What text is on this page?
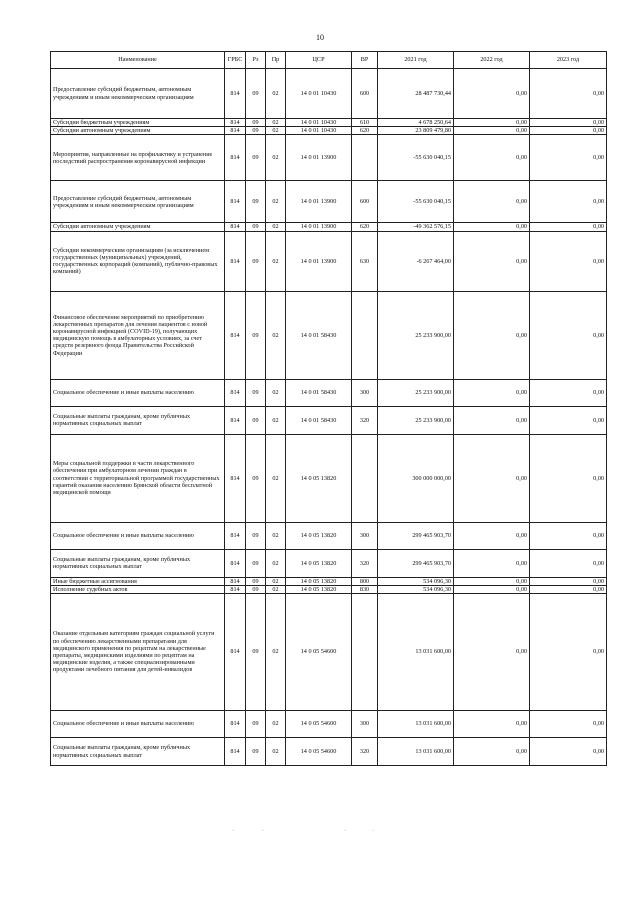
10
Наименование	ГРБС	Рз	Пр	ЦСР	ВР	2021 год	2022 год	2023 год
Предоставление субсидий бюджетным, автономным учреждениям и иным некоммерческим организациям	814	09	02	14 0 01 10430	600	28 487 730,44	0,00	0,00
Субсидии бюджетным учреждениям	814	09	02	14 0 01 10430	610	4 678 250,64	0,00	0,00
Субсидии автономным учреждениям	814	09	02	14 0 01 10430	620	23 809 479,80	0,00	0,00
Мероприятия, направленные на профилактику и устранение последствий распространения коронавирусной инфекции	814	09	02	14 0 01 13900		-55 630 040,15	0,00	0,00
Предоставление субсидий бюджетным, автономным учреждениям и иным некоммерческим организациям	814	09	02	14 0 01 13900	600	-55 630 040,15	0,00	0,00
Субсидии автономным учреждениям	814	09	02	14 0 01 13900	620	-49 362 576,15	0,00	0,00
Субсидии некоммерческим организациям (за исключением государственных (муниципальных) учреждений, государственных корпораций (компаний), публично-правовых компаний)	814	09	02	14 0 01 13900	630	-6 267 464,00	0,00	0,00
Финансовое обеспечение мероприятий по приобретению лекарственных препаратов для лечения пациентов с новой коронавирусной инфекцией (COVID-19), получающих медицинскую помощь в амбулаторных условиях, за счет средств резервного фонда Правительства Российской Федерации	814	09	02	14 0 01 58430		25 233 900,00	0,00	0,00
Социальное обеспечение и иные выплаты населению	814	09	02	14 0 01 58430	300	25 233 900,00	0,00	0,00
Социальные выплаты гражданам, кроме публичных нормативных социальных выплат	814	09	02	14 0 01 58430	320	25 233 900,00	0,00	0,00
Меры социальной поддержки в части лекарственного обеспечения при амбулаторном лечении граждан в соответствии с территориальной программой государственных гарантий оказания населению Брянской области бесплатной медицинской помощи	814	09	02	14 0 05 13820		300 000 000,00	0,00	0,00
Социальное обеспечение и иные выплаты населению	814	09	02	14 0 05 13820	300	299 465 903,70	0,00	0,00
Социальные выплаты гражданам, кроме публичных нормативных социальных выплат	814	09	02	14 0 05 13820	320	299 465 903,70	0,00	0,00
Иные бюджетные ассигнования	814	09	02	14 0 05 13820	800	534 096,30	0,00	0,00
Исполнение судебных актов	814	09	02	14 0 05 13820	830	534 096,30	0,00	0,00
Оказание отдельным категориям граждан социальной услуги по обеспечению лекарственными препаратами для медицинского применения по рецептам на лекарственные препараты, медицинскими изделиями по рецептам на медицинские изделия, а также специализированными продуктами лечебного питания для детей-инвалидов	814	09	02	14 0 05 54600		13 031 600,00	0,00	0,00
Социальное обеспечение и иные выплаты населению	814	09	02	14 0 05 54600	300	13 031 600,00	0,00	0,00
Социальные выплаты гражданам, кроме публичных нормативных социальных выплат	814	09	02	14 0 05 54600	320	13 031 600,00	0,00	0,00
·	·	·	·
